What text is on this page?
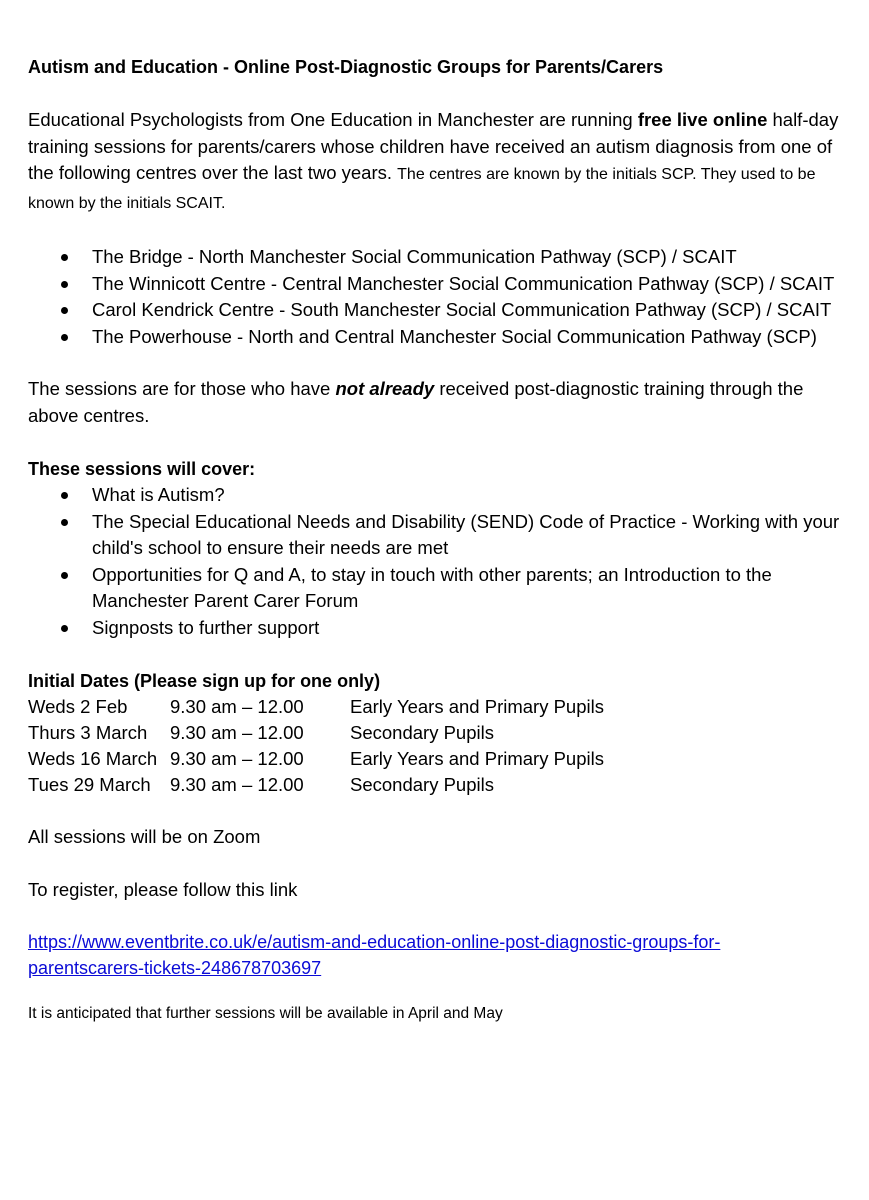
Autism and Education - Online Post-Diagnostic Groups for Parents/Carers

Educational Psychologists from One Education in Manchester are running free live online half-day training sessions for parents/carers whose children have received an autism diagnosis from one of the following centres over the last two years. The centres are known by the initials SCP. They used to be known by the initials SCAIT.

The Bridge - North Manchester Social Communication Pathway (SCP) / SCAIT
The Winnicott Centre - Central Manchester Social Communication Pathway (SCP) / SCAIT
Carol Kendrick Centre - South Manchester Social Communication Pathway (SCP) / SCAIT
The Powerhouse - North and Central Manchester Social Communication Pathway (SCP)

The sessions are for those who have not already received post-diagnostic training through the above centres.

These sessions will cover:

What is Autism?
The Special Educational Needs and Disability (SEND) Code of Practice - Working with your child's school to ensure their needs are met
Opportunities for Q and A, to stay in touch with other parents; an Introduction to the Manchester Parent Carer Forum
Signposts to further support

Initial Dates (Please sign up for one only)

Weds 2 Feb	9.30 am – 12.00	Early Years and Primary Pupils
Thurs 3 March	9.30 am – 12.00	Secondary Pupils
Weds 16 March 9.30 am – 12.00	Early Years and Primary Pupils
Tues 29 March	9.30 am – 12.00	Secondary Pupils

All sessions will be on Zoom

To register, please follow this link

https://www.eventbrite.co.uk/e/autism-and-education-online-post-diagnostic-groups-for-
parentscarers-tickets-248678703697

It is anticipated that further sessions will be available in April and May
